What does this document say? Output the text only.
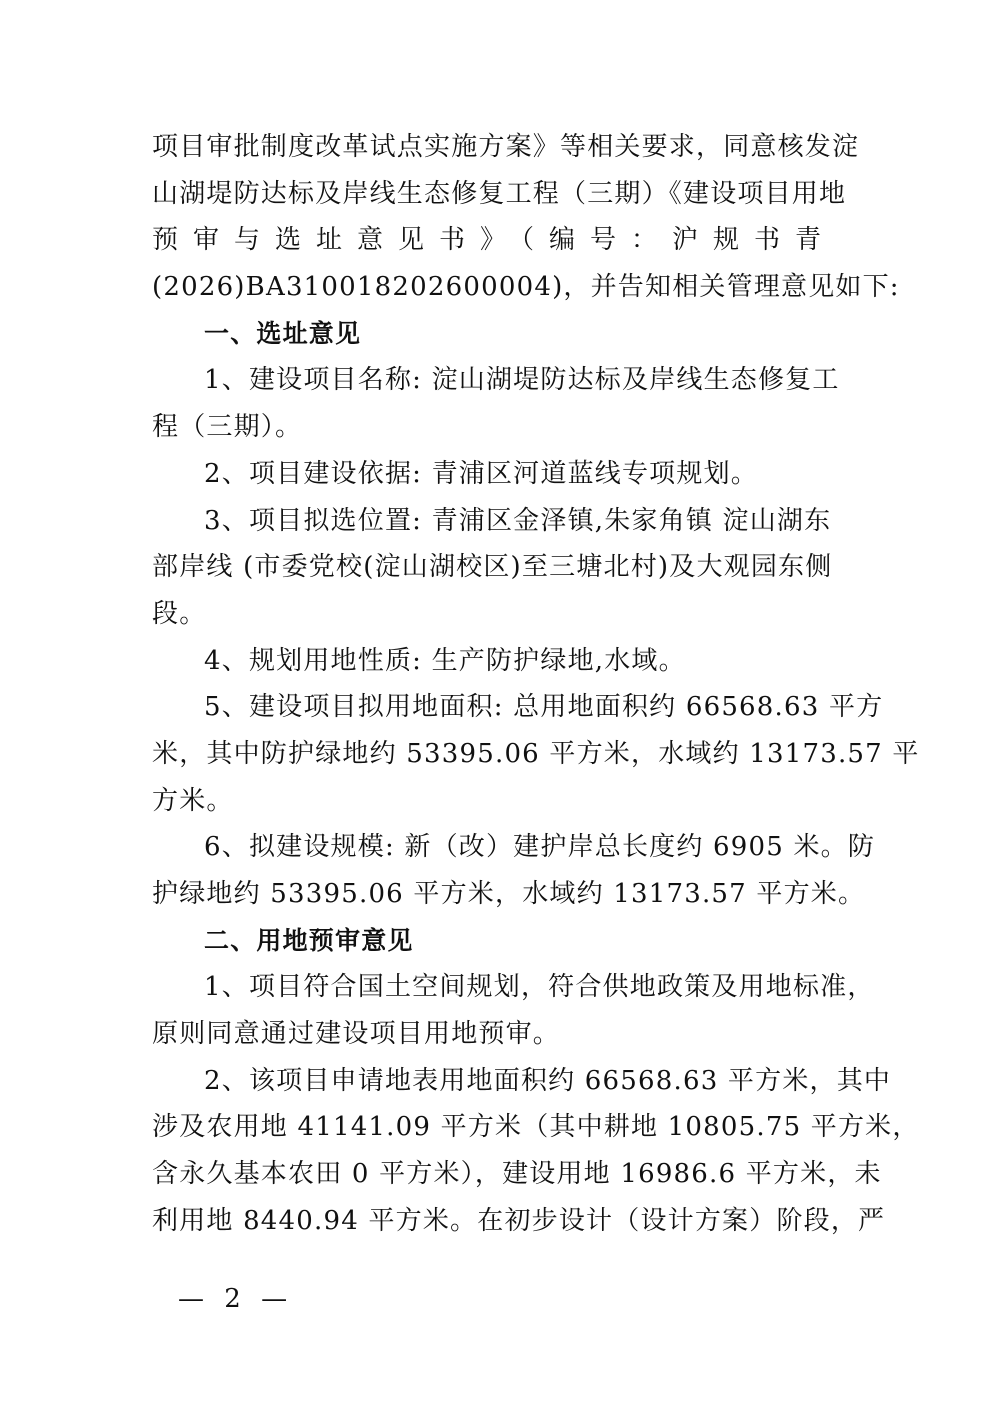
项目审批制度改革试点实施方案》等相关要求，同意核发淀
山湖堤防达标及岸线生态修复工程（三期）《建设项目用地
预审与选址意见书》（编号：沪规书青
(2026)BA310018202600004)，并告知相关管理意见如下:
一、选址意见
1、建设项目名称: 淀山湖堤防达标及岸线生态修复工
程（三期）。
2、项目建设依据: 青浦区河道蓝线专项规划。
3、项目拟选位置: 青浦区金泽镇,朱家角镇 淀山湖东
部岸线 (市委党校(淀山湖校区)至三塘北村)及大观园东侧
段。
4、规划用地性质: 生产防护绿地,水域。
5、建设项目拟用地面积: 总用地面积约 66568.63 平方
米，其中防护绿地约 53395.06 平方米，水域约 13173.57 平
方米。
6、拟建设规模: 新（改）建护岸总长度约 6905 米。防
护绿地约 53395.06 平方米，水域约 13173.57 平方米。
二、用地预审意见
1、项目符合国土空间规划，符合供地政策及用地标准，
原则同意通过建设项目用地预审。
2、该项目申请地表用地面积约 66568.63 平方米，其中
涉及农用地 41141.09 平方米（其中耕地 10805.75 平方米，
含永久基本农田 0 平方米），建设用地 16986.6 平方米，未
利用地 8440.94 平方米。在初步设计（设计方案）阶段，严
— 2 —
